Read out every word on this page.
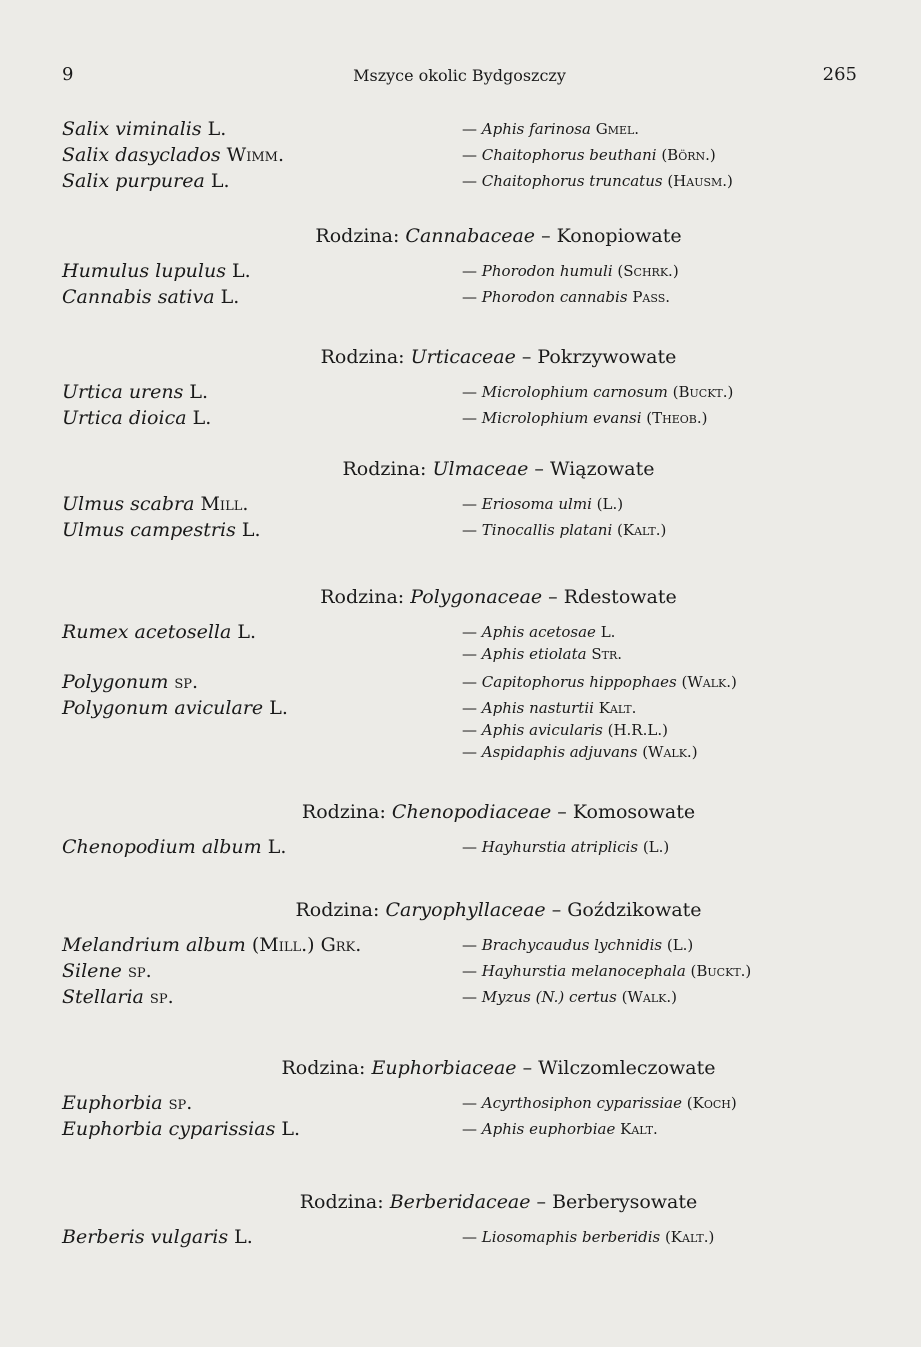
9	Mszyce okolic Bydgoszczy	265
Salix viminalis L.	— Aphis farinosa Gmel.
Salix dasyclados Wimm.	— Chaitophorus beuthani (Börn.)
Salix purpurea L.	— Chaitophorus truncatus (Hausm.)
Rodzina: Cannabaceae – Konopiowate
Humulus lupulus L.	— Phorodon humuli (Schrk.)
Cannabis sativa L.	— Phorodon cannabis Pass.
Rodzina: Urticaceae – Pokrzywowate
Urtica urens L.	— Microlophium carnosum (Buckt.)
Urtica dioica L.	— Microlophium evansi (Theob.)
Rodzina: Ulmaceae – Wiązowate
Ulmus scabra Mill.	— Eriosoma ulmi (L.)
Ulmus campestris L.	— Tinocallis platani (Kalt.)
Rodzina: Polygonaceae – Rdestowate
Rumex acetosella L.	— Aphis acetosae L.
— Aphis etiolata Str.
Polygonum sp.	— Capitophorus hippophaes (Walk.)
Polygonum aviculare L.	— Aphis nasturtii Kalt.
— Aphis avicularis (H.R.L.)
— Aspidaphis adjuvans (Walk.)
Rodzina: Chenopodiaceae – Komosowate
Chenopodium album L.	— Hayhurstia atriplicis (L.)
Rodzina: Caryophyllaceae – Goździkowate
Melandrium album (Mill.) Grk.	— Brachycaudus lychnidis (L.)
Silene sp.	— Hayhurstia melanocephala (Buckt.)
Stellaria sp.	— Myzus (N.) certus (Walk.)
Rodzina: Euphorbiaceae – Wilczomleczowate
Euphorbia sp.	— Acyrthosiphon cyparissiae (Koch)
Euphorbia cyparissias L.	— Aphis euphorbiae Kalt.
Rodzina: Berberidaceae – Berberysowate
Berberis vulgaris L.	— Liosomaphis berberidis (Kalt.)
